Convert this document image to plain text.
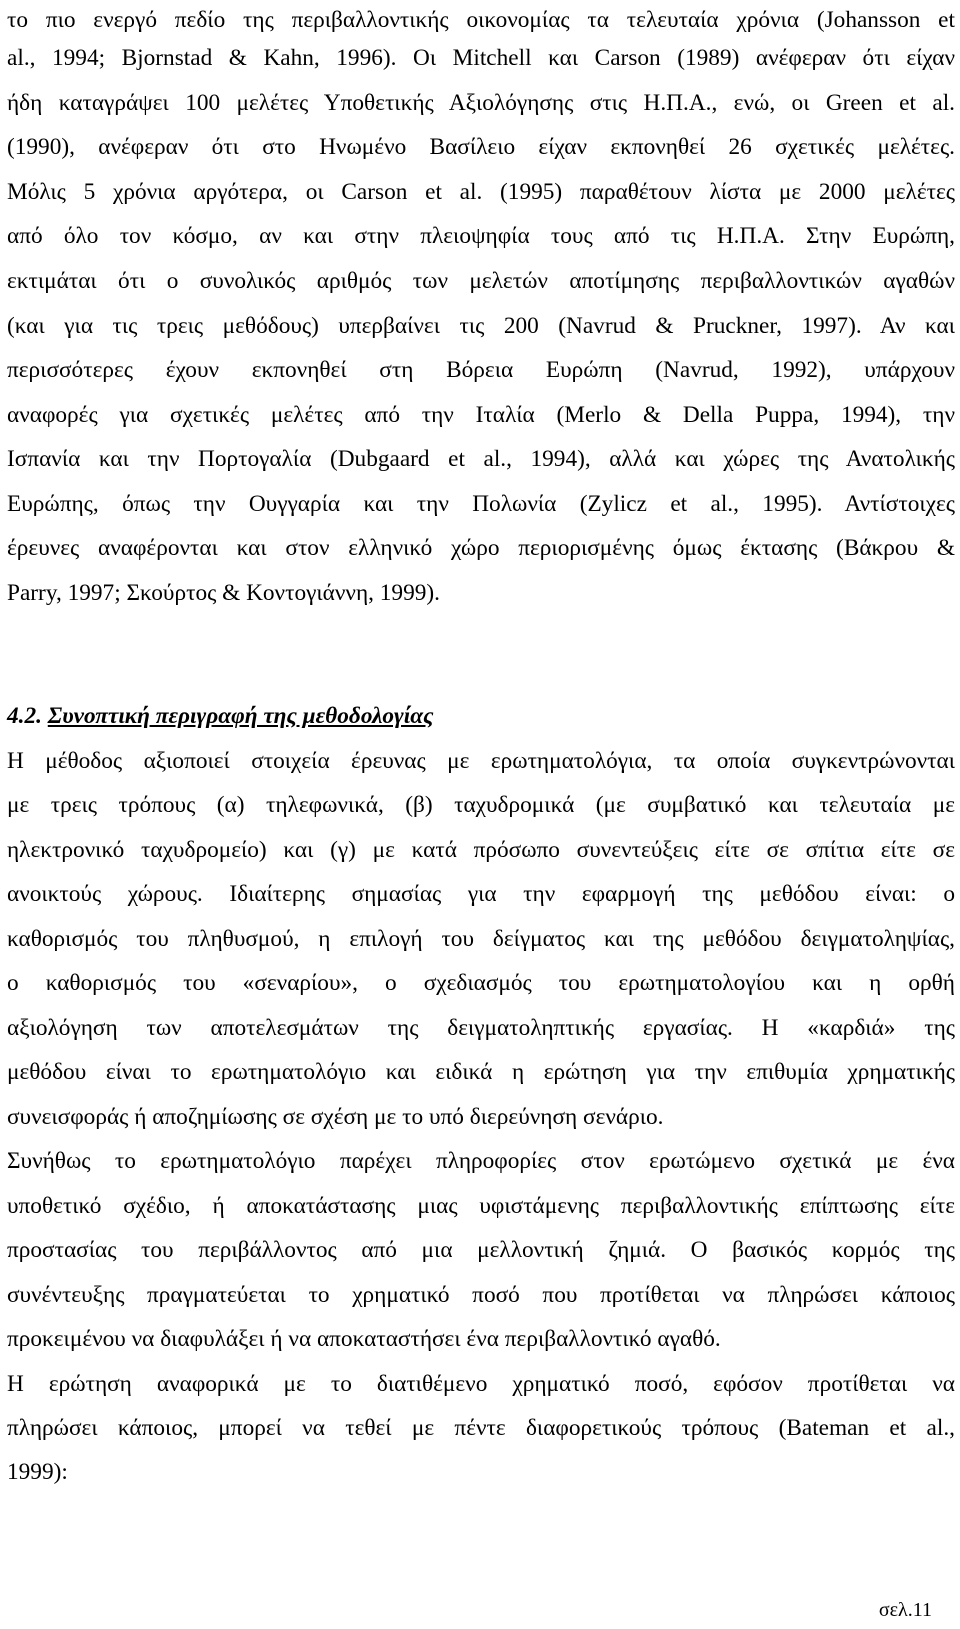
το πιο ενεργό πεδίο της περιβαλλοντικής οικονομίας τα τελευταία χρόνια (Johansson et
al., 1994; Bjornstad & Kahn, 1996). Οι Mitchell και Carson (1989) ανέφεραν ότι είχαν
ήδη καταγράψει 100 μελέτες Υποθετικής Αξιολόγησης στις Η.Π.Α., ενώ, οι Green et al.
(1990), ανέφεραν ότι στο Ηνωμένο Βασίλειο είχαν εκπονηθεί 26 σχετικές μελέτες.
Μόλις 5 χρόνια αργότερα, οι Carson et al. (1995) παραθέτουν λίστα με 2000 μελέτες
από όλο τον κόσμο, αν και στην πλειοψηφία τους από τις Η.Π.Α. Στην Ευρώπη,
εκτιμάται ότι ο συνολικός αριθμός των μελετών αποτίμησης περιβαλλοντικών αγαθών
(και για τις τρεις μεθόδους) υπερβαίνει τις 200 (Navrud & Pruckner, 1997). Αν και
περισσότερες έχουν εκπονηθεί στη Βόρεια Ευρώπη (Navrud, 1992), υπάρχουν
αναφορές για σχετικές μελέτες από την Ιταλία (Merlo & Della Puppa, 1994), την
Ισπανία και την Πορτογαλία (Dubgaard et al., 1994), αλλά και χώρες της Ανατολικής
Ευρώπης, όπως την Ουγγαρία και την Πολωνία (Zylicz et al., 1995). Αντίστοιχες
έρευνες αναφέρονται και στον ελληνικό χώρο περιορισμένης όμως έκτασης (Βάκρου &
Parry, 1997; Σκούρτος & Κοντογιάννη, 1999).
4.2. Συνοπτική περιγραφή της μεθοδολογίας
Η μέθοδος αξιοποιεί στοιχεία έρευνας με ερωτηματολόγια, τα οποία συγκεντρώνονται
με τρεις τρόπους (α) τηλεφωνικά, (β) ταχυδρομικά (με συμβατικό και τελευταία με
ηλεκτρονικό ταχυδρομείο) και (γ) με κατά πρόσωπο συνεντεύξεις είτε σε σπίτια είτε σε
ανοικτούς χώρους. Ιδιαίτερης σημασίας για την εφαρμογή της μεθόδου είναι: ο
καθορισμός του πληθυσμού, η επιλογή του δείγματος και της μεθόδου δειγματοληψίας,
ο καθορισμός του «σεναρίου», ο σχεδιασμός του ερωτηματολογίου και η ορθή
αξιολόγηση των αποτελεσμάτων της δειγματοληπτικής εργασίας. Η «καρδιά» της
μεθόδου είναι το ερωτηματολόγιο και ειδικά η ερώτηση για την επιθυμία χρηματικής
συνεισφοράς ή αποζημίωσης σε σχέση με το υπό διερεύνηση σενάριο.
Συνήθως το ερωτηματολόγιο παρέχει πληροφορίες στον ερωτώμενο σχετικά με ένα
υποθετικό σχέδιο, ή αποκατάστασης μιας υφιστάμενης περιβαλλοντικής επίπτωσης είτε
προστασίας του περιβάλλοντος από μια μελλοντική ζημιά. Ο βασικός κορμός της
συνέντευξης πραγματεύεται το χρηματικό ποσό που προτίθεται να πληρώσει κάποιος
προκειμένου να διαφυλάξει ή να αποκαταστήσει ένα περιβαλλοντικό αγαθό.
Η ερώτηση αναφορικά με το διατιθέμενο χρηματικό ποσό, εφόσον προτίθεται να
πληρώσει κάποιος, μπορεί να τεθεί με πέντε διαφορετικούς τρόπους (Bateman et al.,
1999):
σελ.11
